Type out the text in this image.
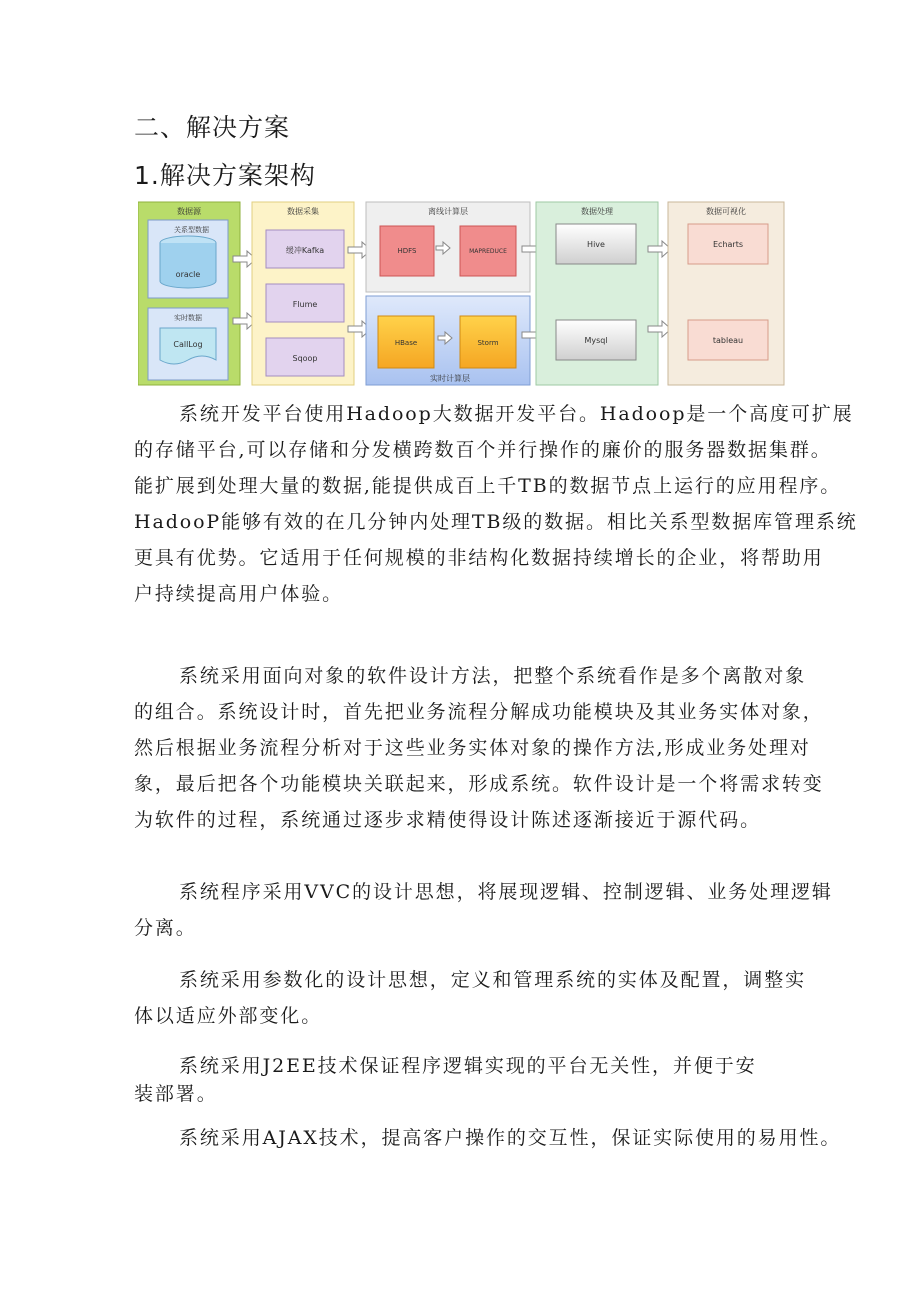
二、解决方案
1.解决方案架构
数据源
关系型数据
oracle
实时数据
CallLog
数据采集
缓冲Kafka
Flume
Sqoop
离线计算层
HDFS	MAPREDUCE
HBase	Storm
实时计算层
数据处理
Hive
Mysql
数据可视化
Echarts
tableau
系统开发平台使用Hadoop大数据开发平台。Hadoop是一个高度可扩展
的存储平台,可以存储和分发横跨数百个并行操作的廉价的服务器数据集群。
能扩展到处理大量的数据,能提供成百上千TB的数据节点上运行的应用程序。
HadooP能够有效的在几分钟内处理TB级的数据。相比关系型数据库管理系统
更具有优势。它适用于任何规模的非结构化数据持续增长的企业，将帮助用
户持续提高用户体验。
系统采用面向对象的软件设计方法，把整个系统看作是多个离散对象
的组合。系统设计时，首先把业务流程分解成功能模块及其业务实体对象，
然后根据业务流程分析对于这些业务实体对象的操作方法,形成业务处理对
象，最后把各个功能模块关联起来，形成系统。软件设计是一个将需求转变
为软件的过程，系统通过逐步求精使得设计陈述逐渐接近于源代码。
系统程序采用VVC的设计思想，将展现逻辑、控制逻辑、业务处理逻辑
分离。
系统采用参数化的设计思想，定义和管理系统的实体及配置，调整实
体以适应外部变化。
系统采用J2EE技术保证程序逻辑实现的平台无关性，并便于安
装部署。
系统采用AJAX技术，提高客户操作的交互性，保证实际使用的易用性。
